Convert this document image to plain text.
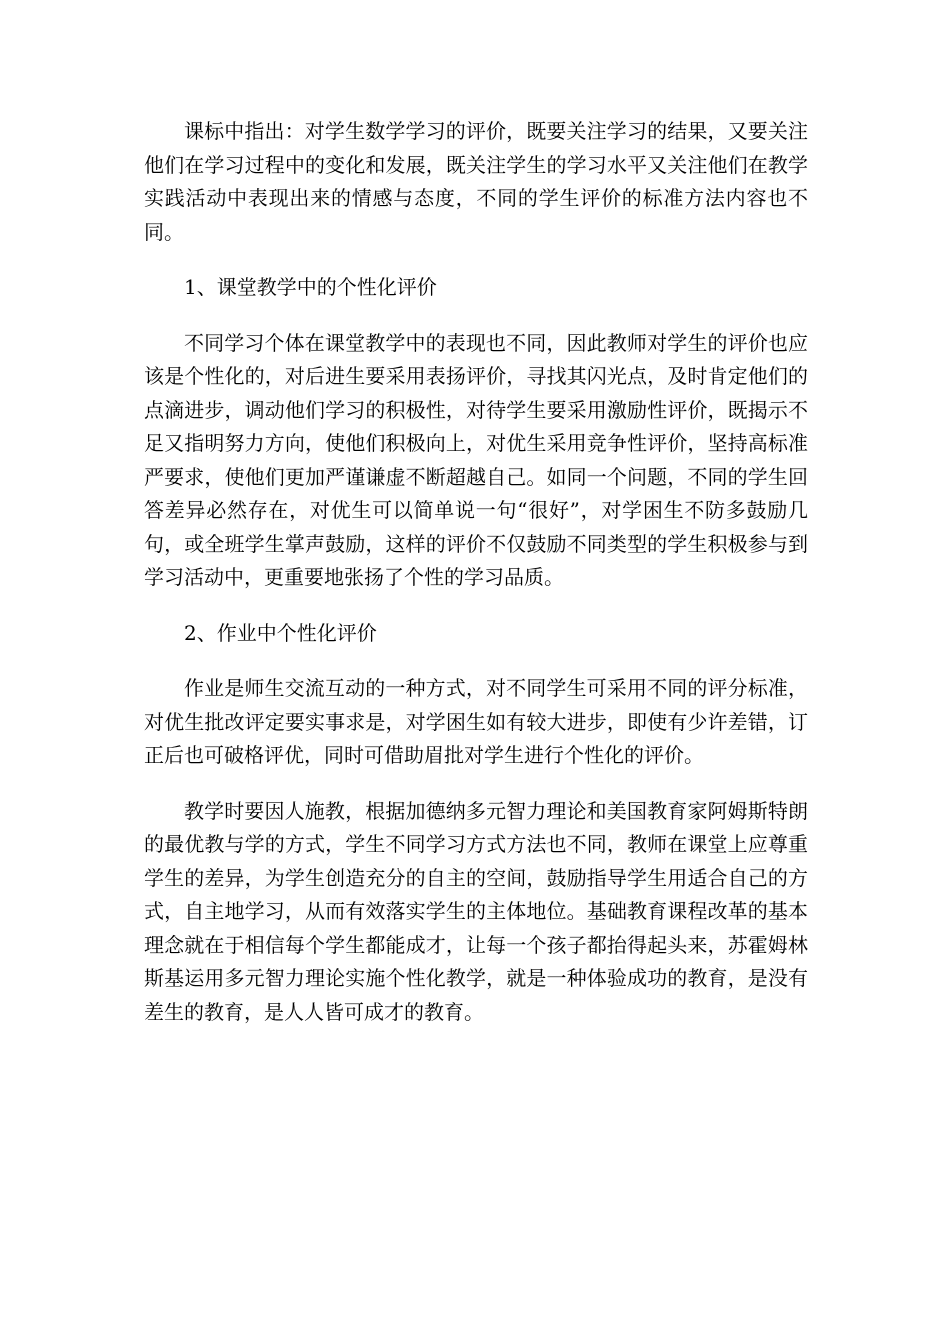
课标中指出：对学生数学学习的评价，既要关注学习的结果，又要关注他们在学习过程中的变化和发展，既关注学生的学习水平又关注他们在教学实践活动中表现出来的情感与态度，不同的学生评价的标准方法内容也不同。

1、课堂教学中的个性化评价

不同学习个体在课堂教学中的表现也不同，因此教师对学生的评价也应该是个性化的，对后进生要采用表扬评价，寻找其闪光点，及时肯定他们的点滴进步，调动他们学习的积极性，对待学生要采用激励性评价，既揭示不足又指明努力方向，使他们积极向上，对优生采用竞争性评价，坚持高标准严要求，使他们更加严谨谦虚不断超越自己。如同一个问题，不同的学生回答差异必然存在，对优生可以简单说一句“很好”，对学困生不防多鼓励几句，或全班学生掌声鼓励，这样的评价不仅鼓励不同类型的学生积极参与到学习活动中，更重要地张扬了个性的学习品质。

2、作业中个性化评价

作业是师生交流互动的一种方式，对不同学生可采用不同的评分标准，对优生批改评定要实事求是，对学困生如有较大进步，即使有少许差错，订正后也可破格评优，同时可借助眉批对学生进行个性化的评价。

教学时要因人施教，根据加德纳多元智力理论和美国教育家阿姆斯特朗的最优教与学的方式，学生不同学习方式方法也不同，教师在课堂上应尊重学生的差异，为学生创造充分的自主的空间，鼓励指导学生用适合自己的方式，自主地学习，从而有效落实学生的主体地位。基础教育课程改革的基本理念就在于相信每个学生都能成才，让每一个孩子都抬得起头来，苏霍姆林斯基运用多元智力理论实施个性化教学，就是一种体验成功的教育，是没有差生的教育，是人人皆可成才的教育。
